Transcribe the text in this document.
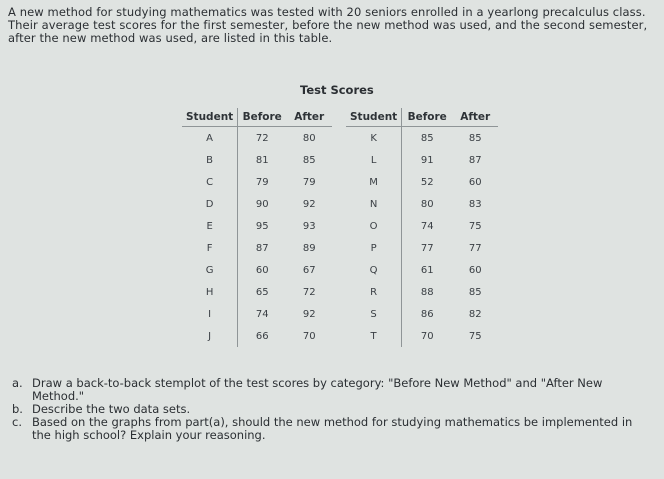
A new method for studying mathematics was tested with 20 seniors enrolled in a yearlong precalculus class. Their average test scores for the first semester, before the new method was used, and the second semester, after the new method was used, are listed in this table.
Test Scores
Student	Before	After
A	72	80
B	81	85
C	79	79
D	90	92
E	95	93
F	87	89
G	60	67
H	65	72
I	74	92
J	66	70
Student	Before	After
K	85	85
L	91	87
M	52	60
N	80	83
O	74	75
P	77	77
Q	61	60
R	88	85
S	86	82
T	70	75
a. Draw a back-to-back stemplot of the test scores by category: "Before New Method" and "After New Method."
b. Describe the two data sets.
c. Based on the graphs from part(a), should the new method for studying mathematics be implemented in the high school? Explain your reasoning.
